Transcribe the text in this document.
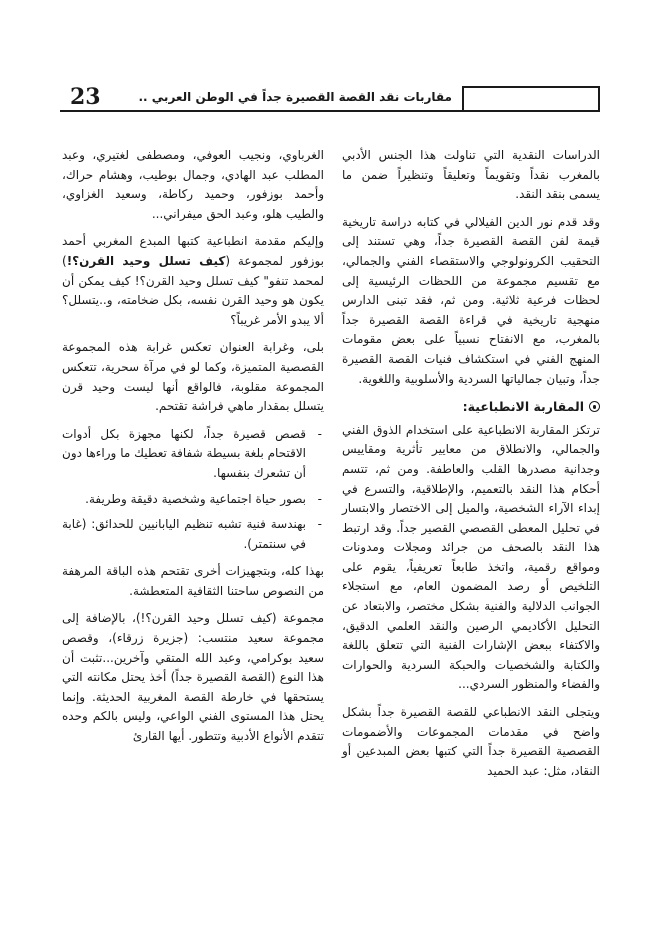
23	مقاربات نقد القصة القصيرة جداً في الوطن العربي ..

الدراسات النقدية التي تناولت هذا الجنس الأدبي بالمغرب نقداً وتقويماً وتعليقاً وتنظيراً ضمن ما يسمى بنقد النقد.

وقد قدم نور الدين الفيلالي في كتابه دراسة تاريخية قيمة لفن القصة القصيرة جداً، وهي تستند إلى التحقيب الكرونولوجي والاستقصاء الفني والجمالي، مع تقسيم مجموعة من اللحظات الرئيسية إلى لحظات فرعية ثلاثية. ومن ثم، فقد تبنى الدارس منهجية تاريخية في قراءة القصة القصيرة جداً بالمغرب، مع الانفتاح نسبياً على بعض مقومات المنهج الفني في استكشاف فنيات القصة القصيرة جداً، وتبيان جمالياتها السردية والأسلوبية واللغوية.

المقاربة الانطباعية:

ترتكز المقاربة الانطباعية على استخدام الذوق الفني والجمالي، والانطلاق من معايير تأثرية ومقاييس وجدانية مصدرها القلب والعاطفة. ومن ثم، تتسم أحكام هذا النقد بالتعميم، والإطلاقية، والتسرع في إبداء الآراء الشخصية، والميل إلى الاختصار والابتسار في تحليل المعطى القصصي القصير جداً. وقد ارتبط هذا النقد بالصحف من جرائد ومجلات ومدونات ومواقع رقمية، واتخذ طابعاً تعريفياً، يقوم على التلخيص أو رصد المضمون العام، مع استجلاء الجوانب الدلالية والفنية بشكل مختصر، والابتعاد عن التحليل الأكاديمي الرصين والنقد العلمي الدقيق، والاكتفاء ببعض الإشارات الفنية التي تتعلق باللغة والكتابة والشخصيات والحبكة السردية والحوارات والفضاء والمنظور السردي...

ويتجلى النقد الانطباعي للقصة القصيرة جداً بشكل واضح في مقدمات المجموعات والأضمومات القصصية القصيرة جداً التي كتبها بعض المبدعين أو النقاد، مثل: عبد الحميد

الغرباوي، ونجيب العوفي، ومصطفى لغتيري، وعبد المطلب عبد الهادي، وجمال بوطيب، وهشام حراك، وأحمد بوزفور، وحميد ركاطة، وسعيد الغزاوي، والطيب هلو، وعبد الحق ميفراني...

وإليكم مقدمة انطباعية كتبها المبدع المغربي أحمد بوزفور لمجموعة (كيف تسلل وحيد القرن؟!) لمحمد تنفو" كيف تسلل وحيد القرن؟! كيف يمكن أن يكون هو وحيد القرن نفسه، بكل ضخامته، و..يتسلل؟ ألا يبدو الأمر غريباً؟

بلى، وغرابة العنوان تعكس غرابة هذه المجموعة القصصية المتميزة، وكما لو في مرآة سحرية، تتعكس المجموعة مقلوبة، فالواقع أنها ليست وحيد قرن يتسلل بمقدار ماهي فراشة تقتحم.

- قصص قصيرة جداً، لكنها مجهزة بكل أدوات الاقتحام بلغة بسيطة شفافة تعطيك ما وراءها دون أن تشعرك بنفسها.
- بصور حياة اجتماعية وشخصية دقيقة وطريفة.
- بهندسة فنية تشبه تنظيم اليابانيين للحدائق: (غابة في سنتمتر).

بهذا كله، وبتجهيزات أخرى تقتحم هذه الباقة المرهفة من النصوص ساحتنا الثقافية المتعطشة.

مجموعة (كيف تسلل وحيد القرن؟!)، بالإضافة إلى مجموعة سعيد منتسب: (جزيرة زرقاء)، وقصص سعيد بوكرامي، وعبد الله المتقي وآخرين...تثبت أن هذا النوع (القصة القصيرة جداً) أخذ يحتل مكانته التي يستحقها في خارطة القصة المغربية الحديثة. وإنما يحتل هذا المستوى الفني الواعي، وليس بالكم وحده تتقدم الأنواع الأدبية وتتطور. أيها القارئ
